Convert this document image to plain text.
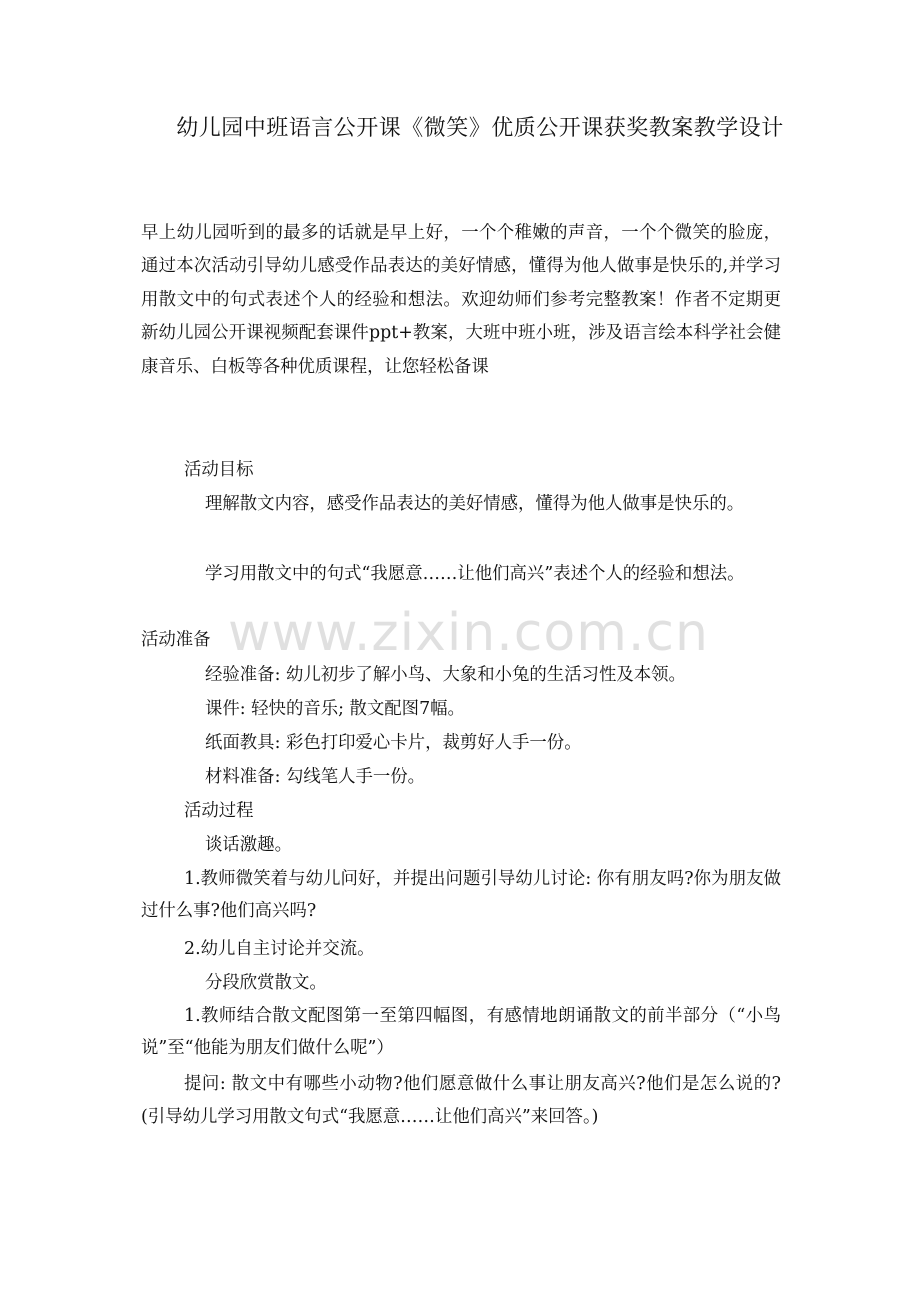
幼儿园中班语言公开课《微笑》优质公开课获奖教案教学设计
早上幼儿园听到的最多的话就是早上好，一个个稚嫩的声音，一个个微笑的脸庞，通过本次活动引导幼儿感受作品表达的美好情感，懂得为他人做事是快乐的,并学习用散文中的句式表述个人的经验和想法。欢迎幼师们参考完整教案！作者不定期更新幼儿园公开课视频配套课件ppt+教案，大班中班小班，涉及语言绘本科学社会健康音乐、白板等各种优质课程，让您轻松备课
活动目标
理解散文内容，感受作品表达的美好情感，懂得为他人做事是快乐的。
学习用散文中的句式“我愿意……让他们高兴”表述个人的经验和想法。
活动准备
经验准备: 幼儿初步了解小鸟、大象和小兔的生活习性及本领。
课件: 轻快的音乐; 散文配图7幅。
纸面教具: 彩色打印爱心卡片，裁剪好人手一份。
材料准备: 勾线笔人手一份。
活动过程
谈话激趣。
1.教师微笑着与幼儿问好，并提出问题引导幼儿讨论: 你有朋友吗?你为朋友做过什么事?他们高兴吗?
2.幼儿自主讨论并交流。
分段欣赏散文。
1.教师结合散文配图第一至第四幅图，有感情地朗诵散文的前半部分（“小鸟说”至“他能为朋友们做什么呢”）
提问: 散文中有哪些小动物?他们愿意做什么事让朋友高兴?他们是怎么说的?(引导幼儿学习用散文句式“我愿意……让他们高兴”来回答。)
www.zixin.com.cn
